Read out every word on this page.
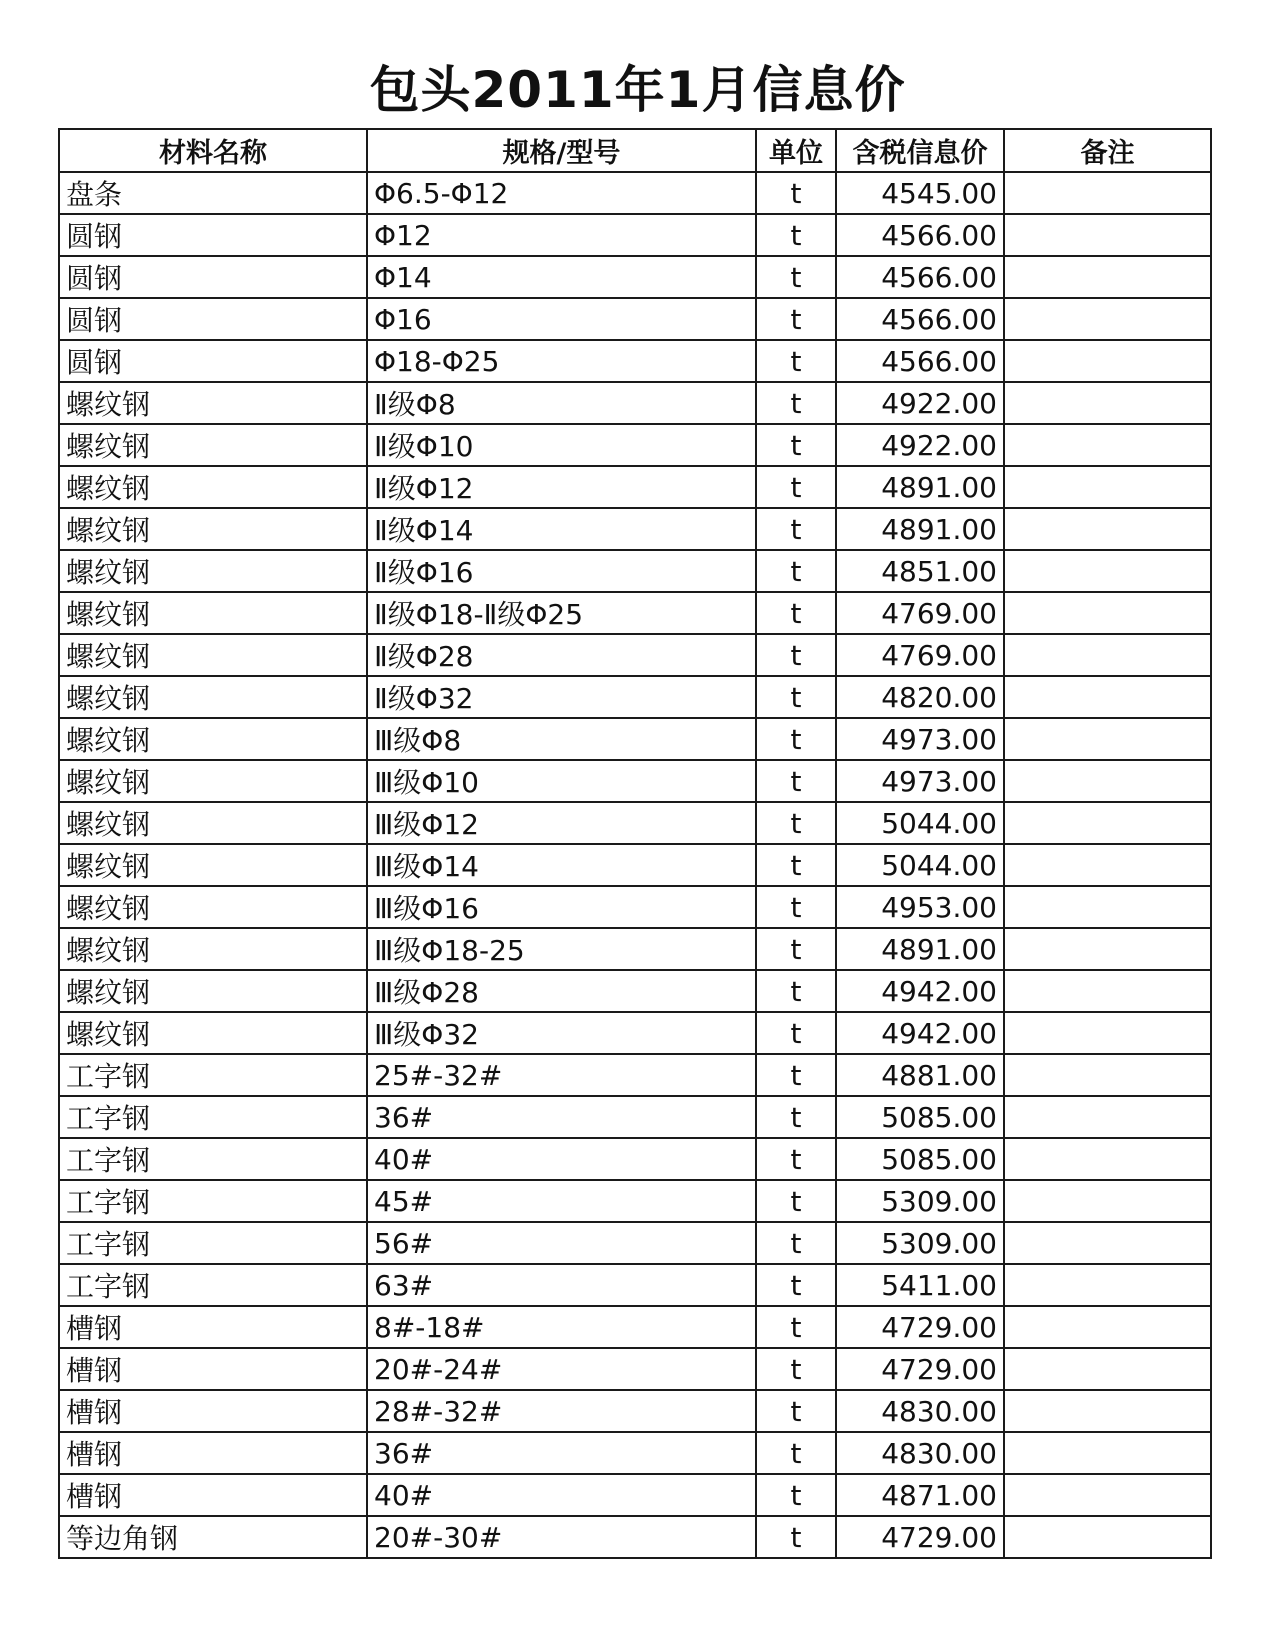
包头2011年1月信息价
材料名称	规格/型号	单位	含税信息价	备注
盘条	Φ6.5-Φ12	t	4545.00	
圆钢	Φ12	t	4566.00	
圆钢	Φ14	t	4566.00	
圆钢	Φ16	t	4566.00	
圆钢	Φ18-Φ25	t	4566.00	
螺纹钢	Ⅱ级Φ8	t	4922.00	
螺纹钢	Ⅱ级Φ10	t	4922.00	
螺纹钢	Ⅱ级Φ12	t	4891.00	
螺纹钢	Ⅱ级Φ14	t	4891.00	
螺纹钢	Ⅱ级Φ16	t	4851.00	
螺纹钢	Ⅱ级Φ18-Ⅱ级Φ25	t	4769.00	
螺纹钢	Ⅱ级Φ28	t	4769.00	
螺纹钢	Ⅱ级Φ32	t	4820.00	
螺纹钢	Ⅲ级Φ8	t	4973.00	
螺纹钢	Ⅲ级Φ10	t	4973.00	
螺纹钢	Ⅲ级Φ12	t	5044.00	
螺纹钢	Ⅲ级Φ14	t	5044.00	
螺纹钢	Ⅲ级Φ16	t	4953.00	
螺纹钢	Ⅲ级Φ18-25	t	4891.00	
螺纹钢	Ⅲ级Φ28	t	4942.00	
螺纹钢	Ⅲ级Φ32	t	4942.00	
工字钢	25#-32#	t	4881.00	
工字钢	36#	t	5085.00	
工字钢	40#	t	5085.00	
工字钢	45#	t	5309.00	
工字钢	56#	t	5309.00	
工字钢	63#	t	5411.00	
槽钢	8#-18#	t	4729.00	
槽钢	20#-24#	t	4729.00	
槽钢	28#-32#	t	4830.00	
槽钢	36#	t	4830.00	
槽钢	40#	t	4871.00	
等边角钢	20#-30#	t	4729.00	
